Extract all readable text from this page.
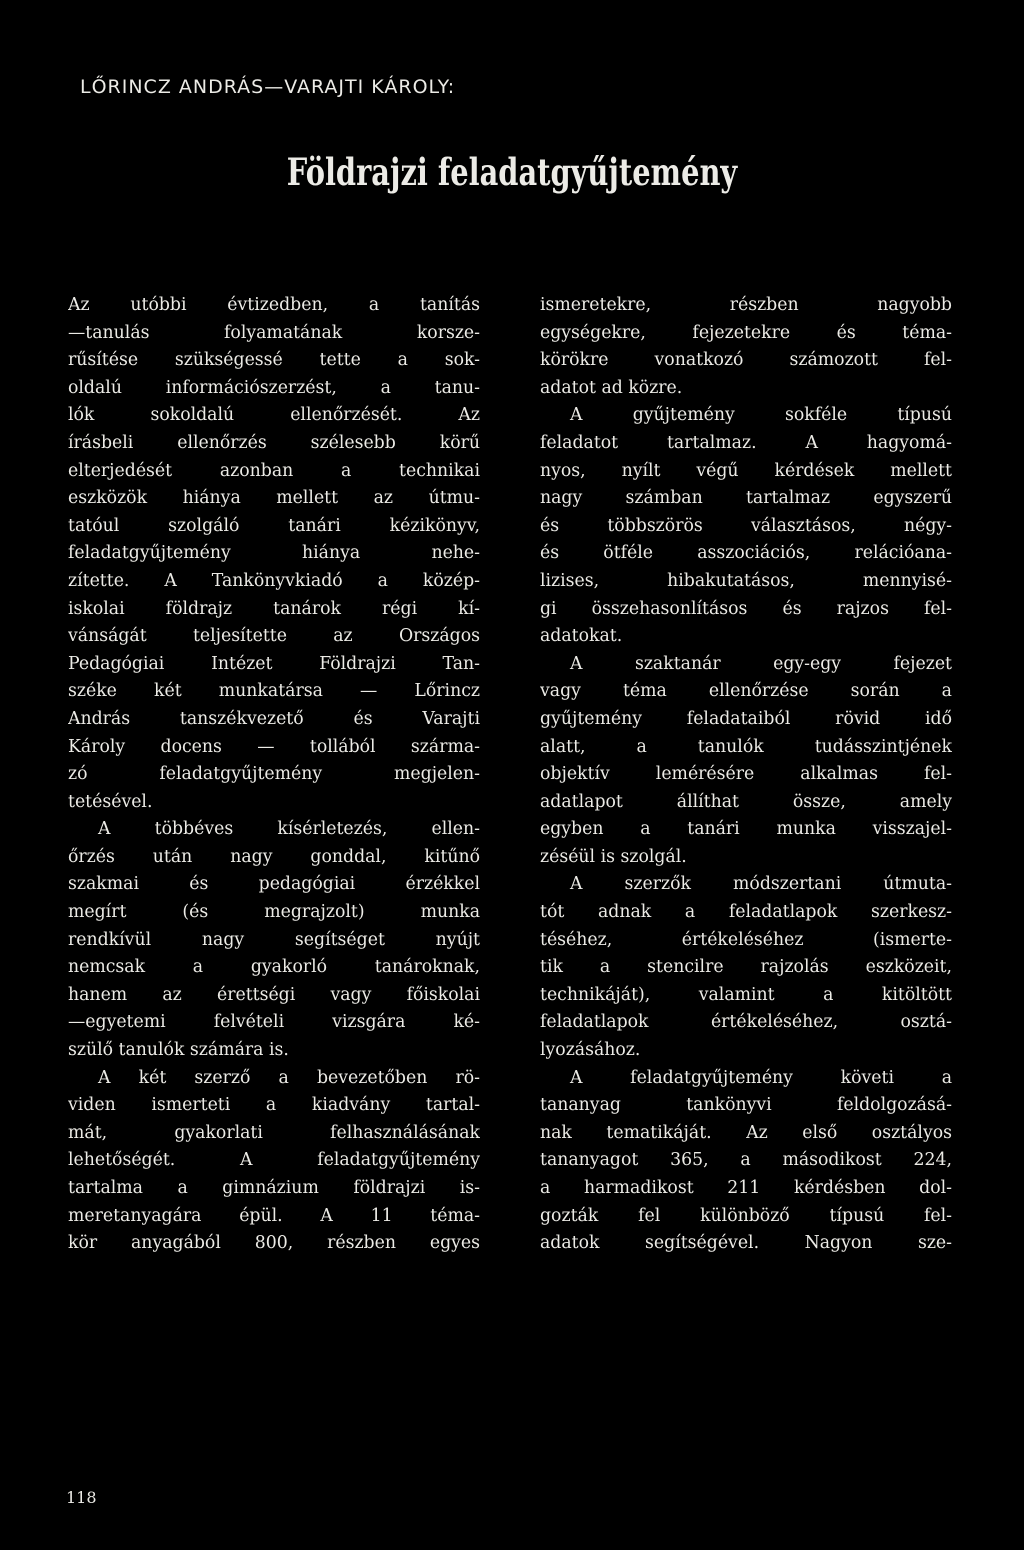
LŐRINCZ ANDRÁS—VARAJTI KÁROLY:
Földrajzi feladatgyűjtemény
Az utóbbi évtizedben, a tanítás
—tanulás folyamatának korsze-
rűsítése szükségessé tette a sok-
oldalú információszerzést, a tanu-
lók sokoldalú ellenőrzését. Az
írásbeli ellenőrzés szélesebb körű
elterjedését azonban a technikai
eszközök hiánya mellett az útmu-
tatóul szolgáló tanári kézikönyv,
feladatgyűjtemény hiánya nehe-
zítette. A Tankönyvkiadó a közép-
iskolai földrajz tanárok régi kí-
vánságát teljesítette az Országos
Pedagógiai Intézet Földrajzi Tan-
széke két munkatársa — Lőrincz
András tanszékvezető és Varajti
Károly docens — tollából szárma-
zó feladatgyűjtemény megjelen-
tetésével.
A többéves kísérletezés, ellen-
őrzés után nagy gonddal, kitűnő
szakmai és pedagógiai érzékkel
megírt (és megrajzolt) munka
rendkívül nagy segítséget nyújt
nemcsak a gyakorló tanároknak,
hanem az érettségi vagy főiskolai
—egyetemi felvételi vizsgára ké-
szülő tanulók számára is.
A két szerző a bevezetőben rö-
viden ismerteti a kiadvány tartal-
mát, gyakorlati felhasználásának
lehetőségét. A feladatgyűjtemény
tartalma a gimnázium földrajzi is-
meretanyagára épül. A 11 téma-
kör anyagából 800, részben egyes
ismeretekre, részben nagyobb
egységekre, fejezetekre és téma-
körökre vonatkozó számozott fel-
adatot ad közre.
A gyűjtemény sokféle típusú
feladatot tartalmaz. A hagyomá-
nyos, nyílt végű kérdések mellett
nagy számban tartalmaz egyszerű
és többszörös választásos, négy-
és ötféle asszociációs, relációana-
lizises, hibakutatásos, mennyisé-
gi összehasonlításos és rajzos fel-
adatokat.
A szaktanár egy-egy fejezet
vagy téma ellenőrzése során a
gyűjtemény feladataiból rövid idő
alatt, a tanulók tudásszintjének
objektív lemérésére alkalmas fel-
adatlapot állíthat össze, amely
egyben a tanári munka visszajel-
zéséül is szolgál.
A szerzők módszertani útmuta-
tót adnak a feladatlapok szerkesz-
téséhez, értékeléséhez (ismerte-
tik a stencilre rajzolás eszközeit,
technikáját), valamint a kitöltött
feladatlapok értékeléséhez, osztá-
lyozásához.
A feladatgyűjtemény követi a
tananyag tankönyvi feldolgozásá-
nak tematikáját. Az első osztályos
tananyagot 365, a másodikost 224,
a harmadikost 211 kérdésben dol-
gozták fel különböző típusú fel-
adatok segítségével. Nagyon sze-
118
